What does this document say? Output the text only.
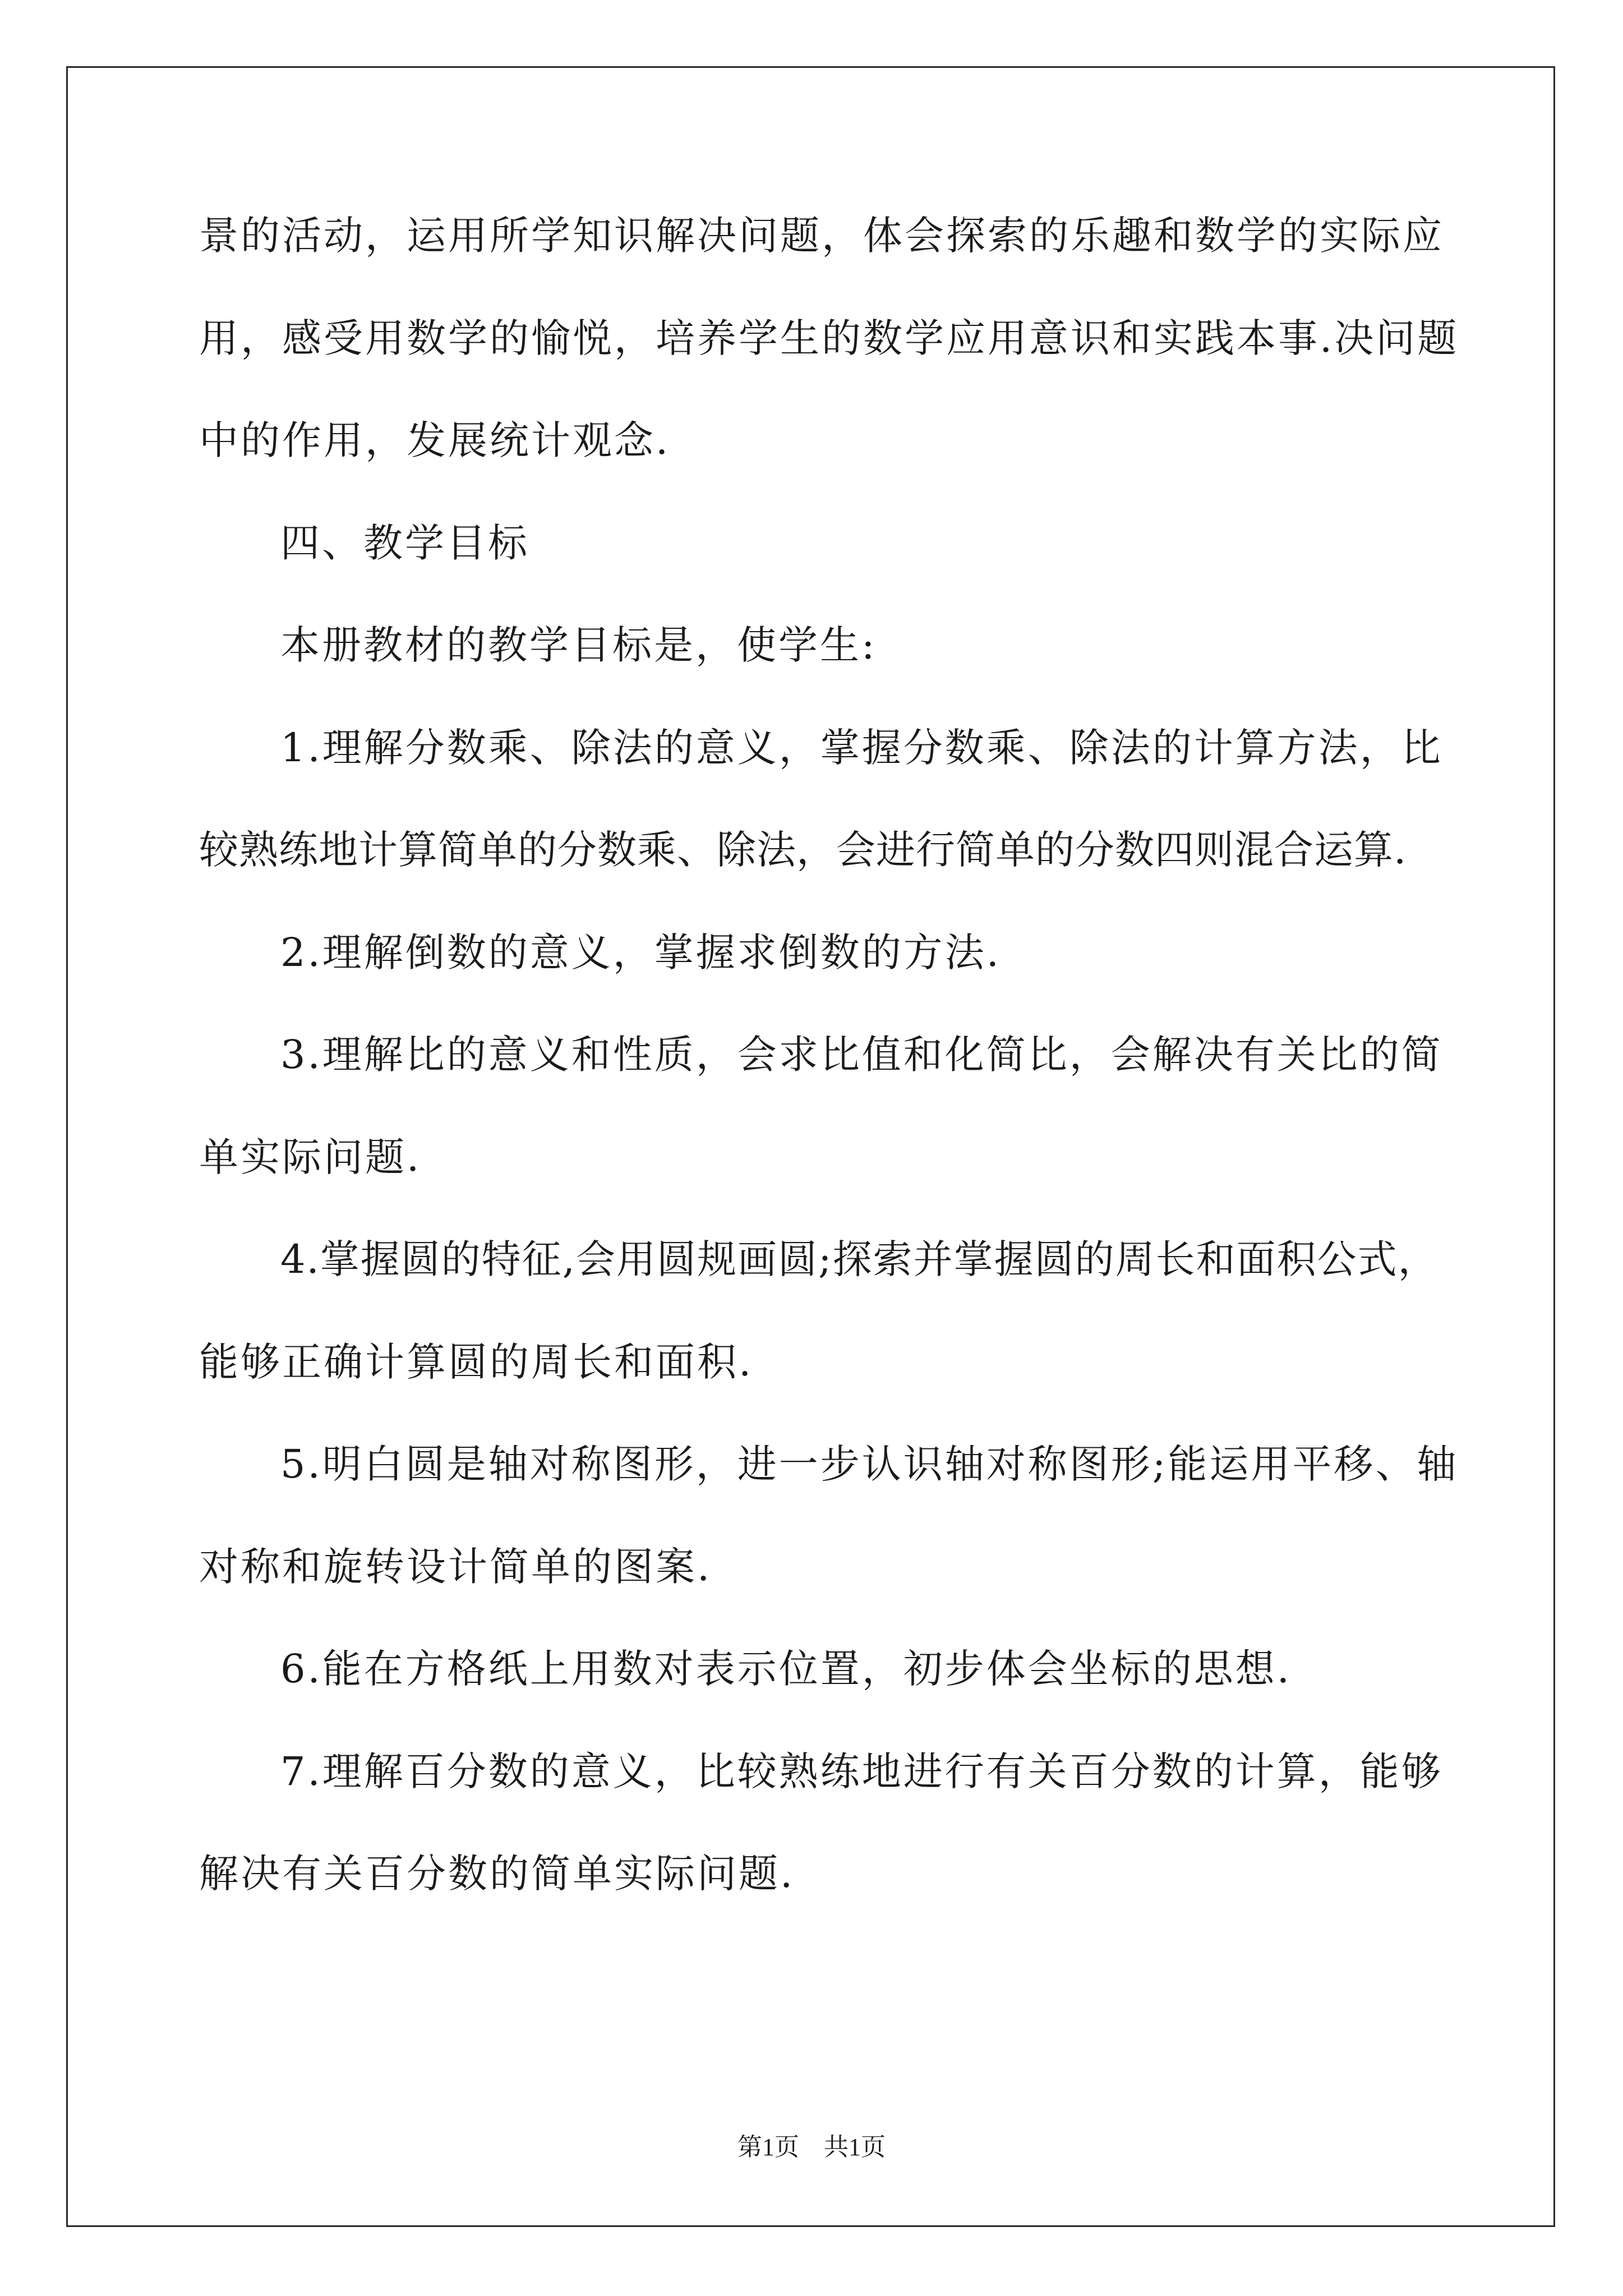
景的活动，运用所学知识解决问题，体会探索的乐趣和数学的实际应
用，感受用数学的愉悦，培养学生的数学应用意识和实践本事.决问题
中的作用，发展统计观念.
四、教学目标
本册教材的教学目标是，使学生:
1.理解分数乘、除法的意义，掌握分数乘、除法的计算方法，比
较熟练地计算简单的分数乘、除法，会进行简单的分数四则混合运算.
2.理解倒数的意义，掌握求倒数的方法.
3.理解比的意义和性质，会求比值和化简比，会解决有关比的简
单实际问题.
4.掌握圆的特征,会用圆规画圆;探索并掌握圆的周长和面积公式，
能够正确计算圆的周长和面积.
5.明白圆是轴对称图形，进一步认识轴对称图形;能运用平移、轴
对称和旋转设计简单的图案.
6.能在方格纸上用数对表示位置，初步体会坐标的思想.
7.理解百分数的意义，比较熟练地进行有关百分数的计算，能够
解决有关百分数的简单实际问题.
第1页 共1页
